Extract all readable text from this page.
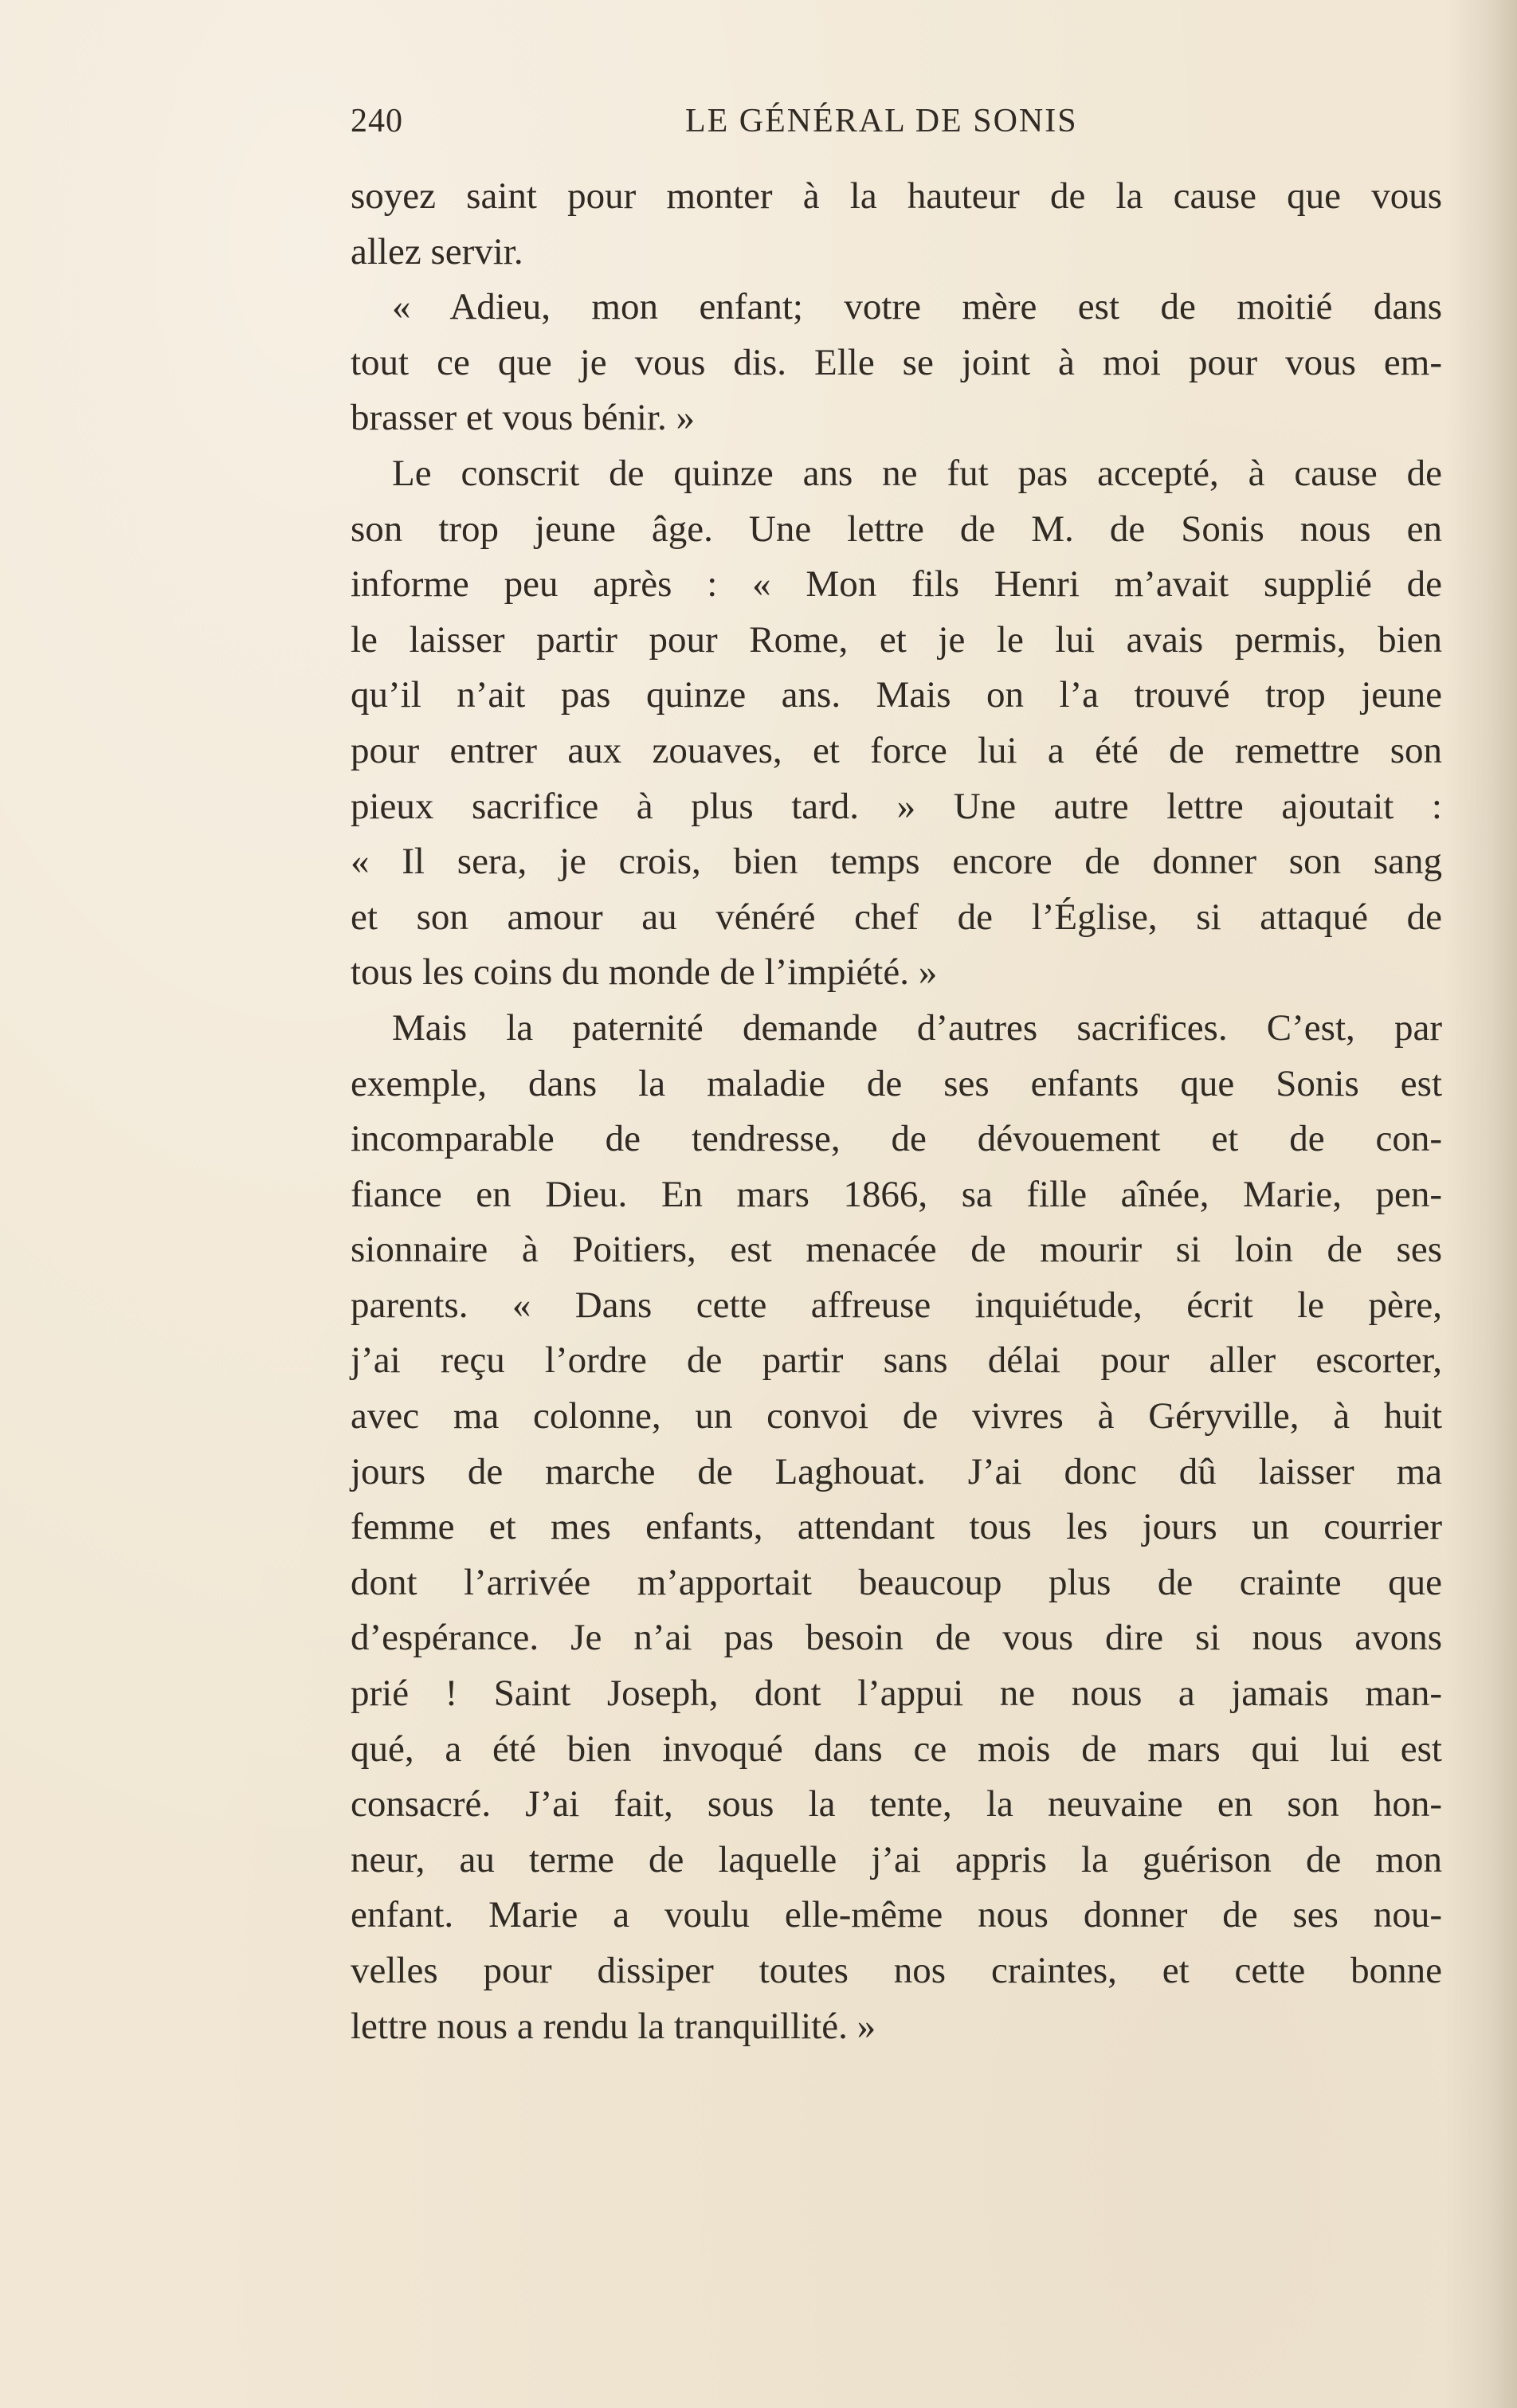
240	LE GÉNÉRAL DE SONIS
soyez saint pour monter à la hauteur de la cause que vous
allez servir.
« Adieu, mon enfant; votre mère est de moitié dans
tout ce que je vous dis. Elle se joint à moi pour vous em-
brasser et vous bénir. »
Le conscrit de quinze ans ne fut pas accepté, à cause de
son trop jeune âge. Une lettre de M. de Sonis nous en
informe peu après : « Mon fils Henri m’avait supplié de
le laisser partir pour Rome, et je le lui avais permis, bien
qu’il n’ait pas quinze ans. Mais on l’a trouvé trop jeune
pour entrer aux zouaves, et force lui a été de remettre son
pieux sacrifice à plus tard. » Une autre lettre ajoutait :
« Il sera, je crois, bien temps encore de donner son sang
et son amour au vénéré chef de l’Église, si attaqué de
tous les coins du monde de l’impiété. »
Mais la paternité demande d’autres sacrifices. C’est, par
exemple, dans la maladie de ses enfants que Sonis est
incomparable de tendresse, de dévouement et de con-
fiance en Dieu. En mars 1866, sa fille aînée, Marie, pen-
sionnaire à Poitiers, est menacée de mourir si loin de ses
parents. « Dans cette affreuse inquiétude, écrit le père,
j’ai reçu l’ordre de partir sans délai pour aller escorter,
avec ma colonne, un convoi de vivres à Géryville, à huit
jours de marche de Laghouat. J’ai donc dû laisser ma
femme et mes enfants, attendant tous les jours un courrier
dont l’arrivée m’apportait beaucoup plus de crainte que
d’espérance. Je n’ai pas besoin de vous dire si nous avons
prié ! Saint Joseph, dont l’appui ne nous a jamais man-
qué, a été bien invoqué dans ce mois de mars qui lui est
consacré. J’ai fait, sous la tente, la neuvaine en son hon-
neur, au terme de laquelle j’ai appris la guérison de mon
enfant. Marie a voulu elle-même nous donner de ses nou-
velles pour dissiper toutes nos craintes, et cette bonne
lettre nous a rendu la tranquillité. »
